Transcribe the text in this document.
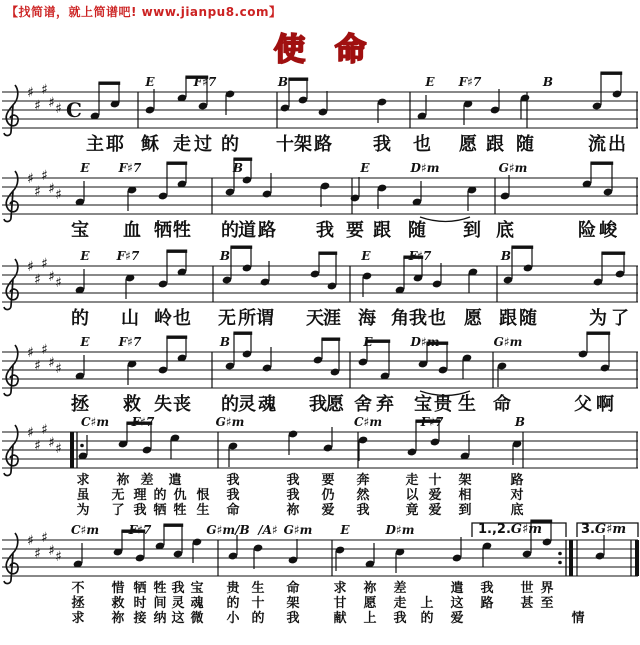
【找简谱，就上简谱吧! www.jianpu8.com】
使命
♯
♯
♯
♯ ♯ C
♯
♯
♯
♯ ♯
♯
♯
♯
♯ ♯
♯
♯
♯
♯ ♯
♯
♯
♯
♯ ♯
♯
♯
♯
♯ ♯
E	F♯7	B	E F♯7	B
主 耶 稣 走 过 的 十 架 路 我 也 愿 跟 随	流 出
E F♯7	B	E	D♯m	G♯m
宝 血 牺 牲 的 道 路 我 要 跟 随 到 底	险 峻
E F♯7	B	E	F♯7	B
的 山 岭 也 无 所 谓 天 涯 海 角 我 也 愿 跟 随	为 了
E F♯7	B	E	D♯m	G♯m
拯 救 失 丧 的 灵 魂 我 愿 舍 弃 宝 贵 生 命	父 啊
C♯m F♯7	G♯m	C♯m	F♯7	B
求 祢 差 遣	我	我 要 奔	走 十 架	路
虽 无 理 的 仇 恨 我	我 仍 然	以 爱 相	对
为 了 我 牺 牲 生 命	祢 爱 我	竟 爱 到	底
C♯m F♯7	G♯m/B /A♯ G♯m E	D♯m
不 惜 牺 牲 我 宝 贵 生 命	求 祢 差	遣 我 世 界
拯 救 时 间 灵 魂 的 十 架	甘 愿 走 上 这 路 甚 至
求 祢 接 纳 这 微 小 的 我	献 上 我 的 爱	情
1.,2.G♯m	3.G♯m
